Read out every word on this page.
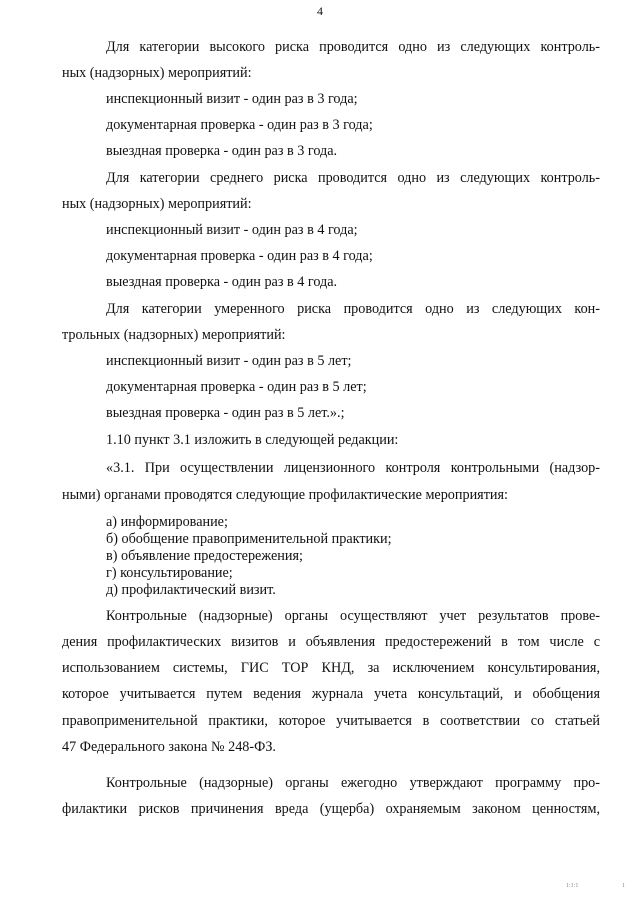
4
Для категории высокого риска проводится одно из следующих контроль-
ных (надзорных) мероприятий:
инспекционный визит - один раз в 3 года;
документарная проверка - один раз в 3 года;
выездная проверка - один раз в 3 года.
Для категории среднего риска проводится одно из следующих контроль-
ных (надзорных) мероприятий:
инспекционный визит - один раз в 4 года;
документарная проверка - один раз в 4 года;
выездная проверка - один раз в 4 года.
Для категории умеренного риска проводится одно из следующих кон-
трольных (надзорных) мероприятий:
инспекционный визит - один раз в 5 лет;
документарная проверка - один раз в 5 лет;
выездная проверка - один раз в 5 лет.».;
1.10 пункт 3.1 изложить в следующей редакции:
«3.1. При осуществлении лицензионного контроля контрольными (надзор-
ными) органами проводятся следующие профилактические мероприятия:
а) информирование;
б) обобщение правоприменительной практики;
в) объявление предостережения;
г) консультирование;
д) профилактический визит.
Контрольные (надзорные) органы осуществляют учет результатов прове-
дения профилактических визитов и объявления предостережений в том числе с
использованием системы, ГИС ТОР КНД, за исключением консультирования,
которое учитывается путем ведения журнала учета консультаций, и обобщения
правоприменительной практики, которое учитывается в соответствии со статьей
47 Федерального закона № 248-ФЗ.
Контрольные (надзорные) органы ежегодно утверждают программу про-
филактики рисков причинения вреда (ущерба) охраняемым законом ценностям,
1:1:1	1
